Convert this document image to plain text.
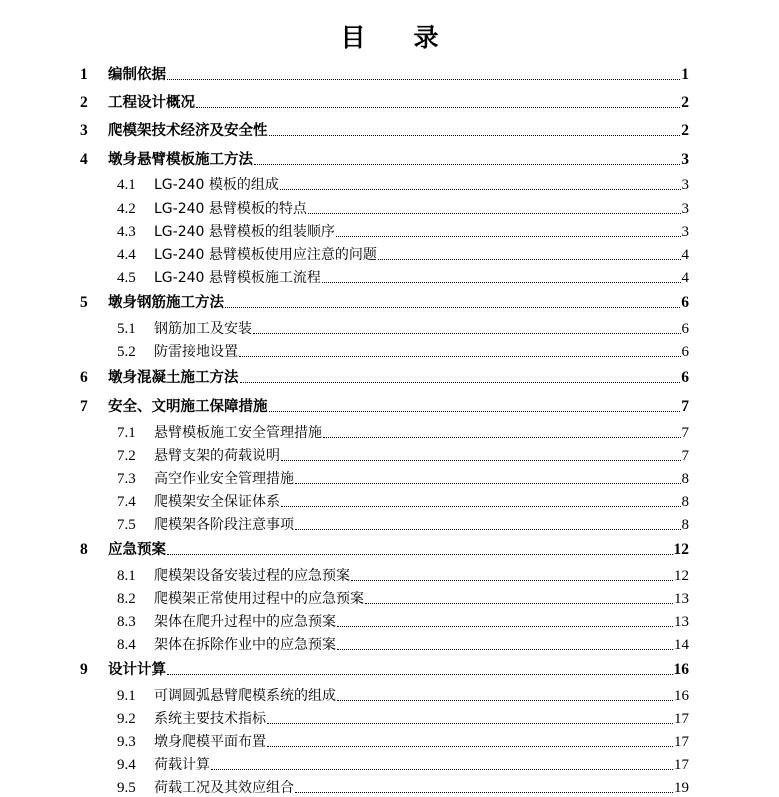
目 录
1	编制依据	1
2	工程设计概况	2
3	爬模架技术经济及安全性	2
4	墩身悬臂模板施工方法	3
4.1	LG-240 模板的组成	3
4.2	LG-240 悬臂模板的特点	3
4.3	LG-240 悬臂模板的组装顺序	3
4.4	LG-240 悬臂模板使用应注意的问题	4
4.5	LG-240 悬臂模板施工流程	4
5	墩身钢筋施工方法	6
5.1	钢筋加工及安装	6
5.2	防雷接地设置	6
6	墩身混凝土施工方法	6
7	安全、文明施工保障措施	7
7.1	悬臂模板施工安全管理措施	7
7.2	悬臂支架的荷载说明	7
7.3	高空作业安全管理措施	8
7.4	爬模架安全保证体系	8
7.5	爬模架各阶段注意事项	8
8	应急预案	12
8.1	爬模架设备安装过程的应急预案	12
8.2	爬模架正常使用过程中的应急预案	13
8.3	架体在爬升过程中的应急预案	13
8.4	架体在拆除作业中的应急预案	14
9	设计计算	16
9.1	可调圆弧悬臂爬模系统的组成	16
9.2	系统主要技术指标	17
9.3	墩身爬模平面布置	17
9.4	荷载计算	17
9.5	荷载工况及其效应组合	19
